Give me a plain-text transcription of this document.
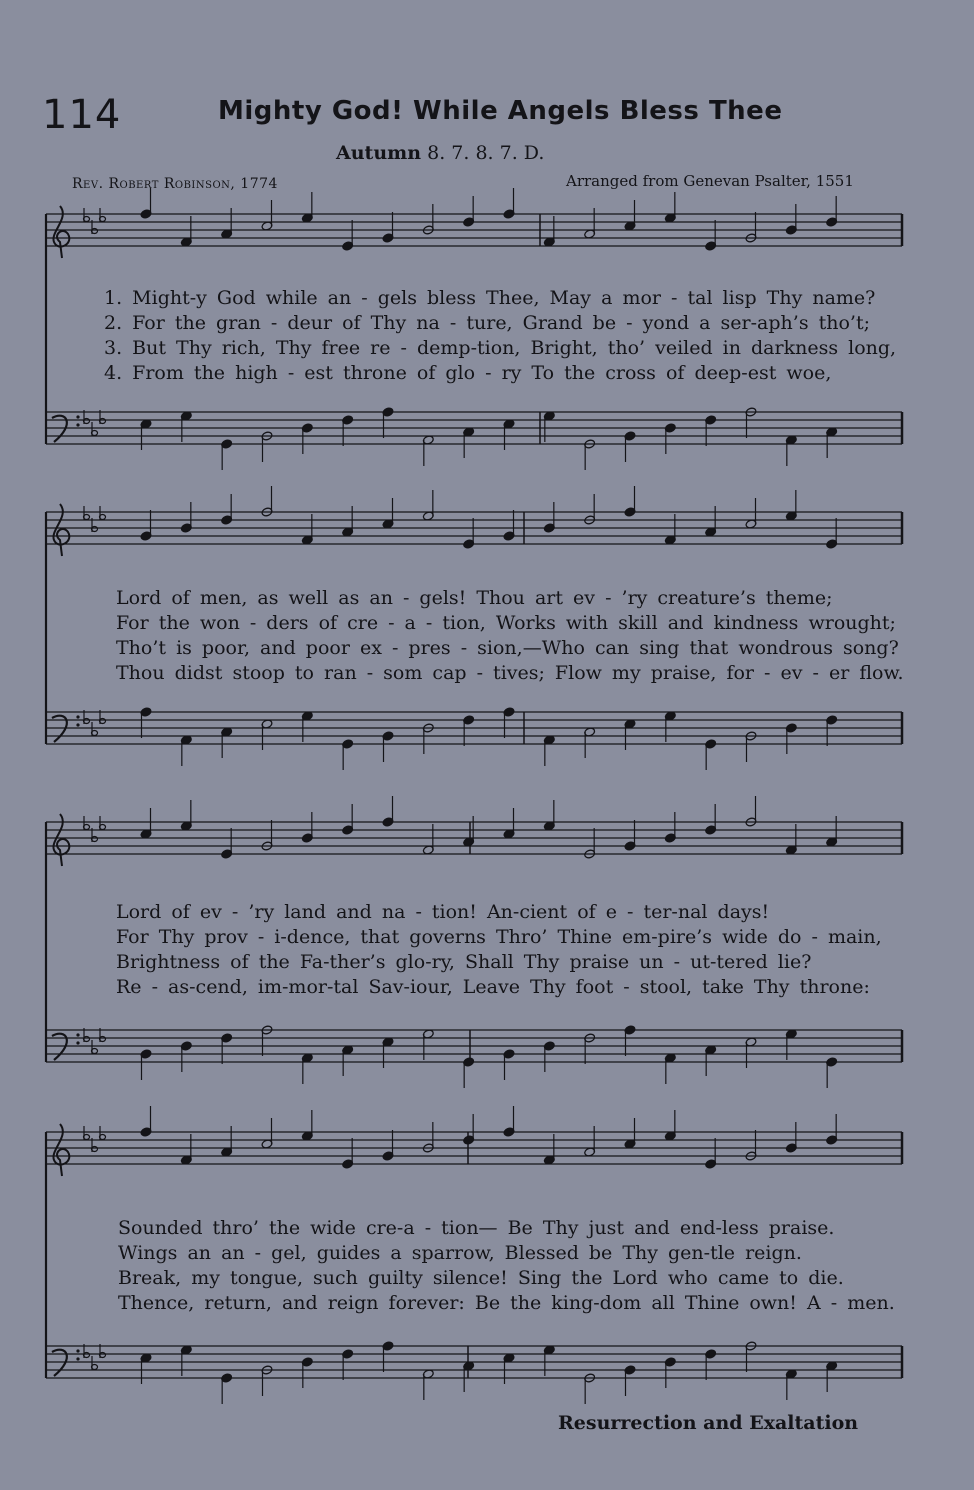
114	Mighty God! While Angels Bless Thee
Autumn 8. 7. 8. 7. D.
Rev. Robert Robinson, 1774	Arranged from Genevan Psalter, 1551
1. Might-y God while an - gels bless Thee, May a mor - tal lisp Thy name?
2. For the gran - deur of Thy na - ture, Grand be - yond a ser-aph’s tho’t;
3. But Thy rich, Thy free re - demp-tion, Bright, tho’ veiled in darkness long,
4. From the high - est throne of glo - ry To the cross of deep-est woe,
Lord of men, as well as an - gels! Thou art ev - ’ry creature’s theme;
For the won - ders of cre - a - tion, Works with skill and kindness wrought;
Tho’t is poor, and poor ex - pres - sion,—Who can sing that wondrous song?
Thou didst stoop to ran - som cap - tives; Flow my praise, for - ev - er flow.
Lord of ev - ’ry land and na - tion! An-cient of e - ter-nal days!
For Thy prov - i-dence, that governs Thro’ Thine em-pire’s wide do - main,
Brightness of the Fa-ther’s glo-ry, Shall Thy praise un - ut-tered lie?
Re - as-cend, im-mor-tal Sav-iour, Leave Thy foot - stool, take Thy throne:
Sounded thro’ the wide cre-a - tion— Be Thy just and end-less praise.
Wings an an - gel, guides a sparrow, Blessed be Thy gen-tle reign.
Break, my tongue, such guilty silence! Sing the Lord who came to die.
Thence, return, and reign forever: Be the king-dom all Thine own! A - men.
Resurrection and Exaltation
